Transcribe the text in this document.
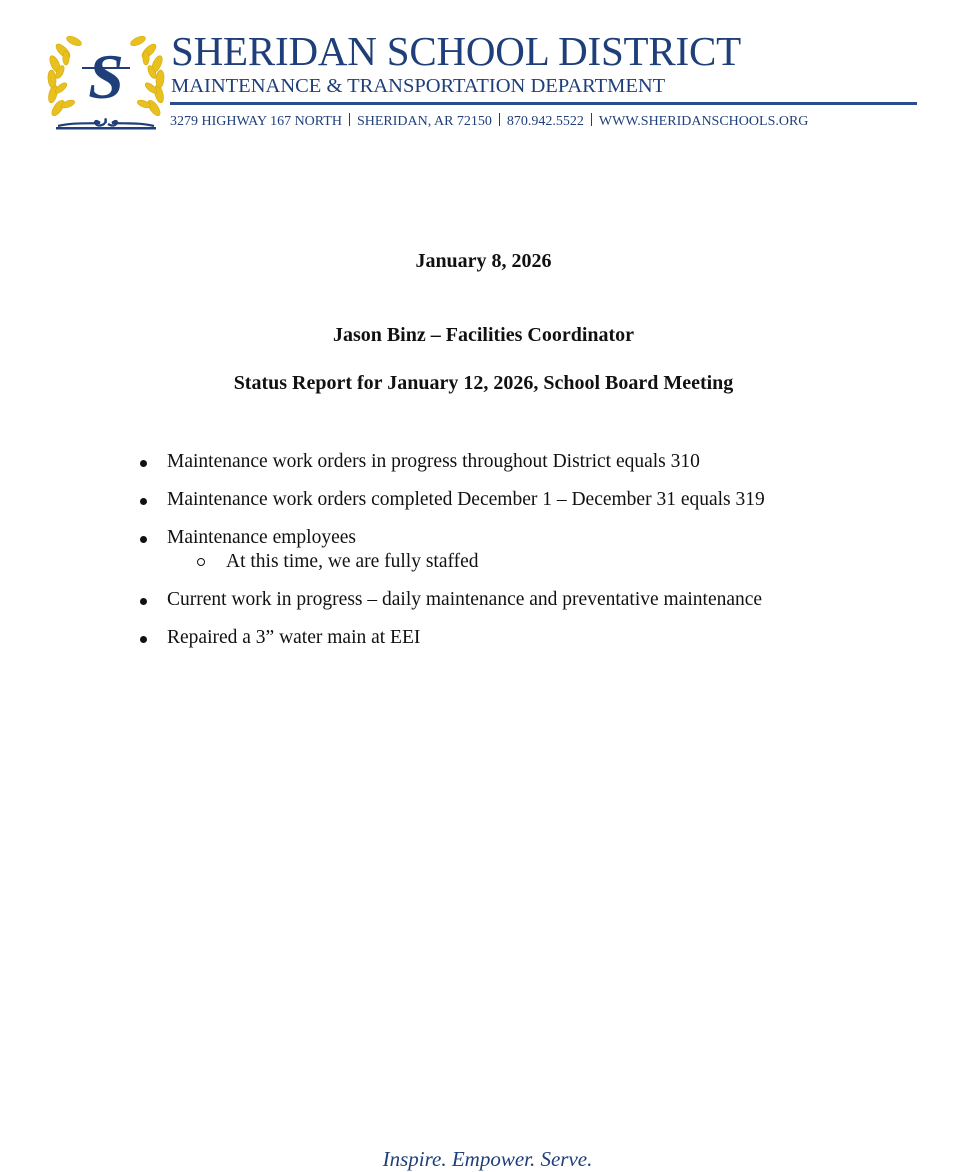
S SHERIDAN SCHOOL DISTRICT
MAINTENANCE & TRANSPORTATION DEPARTMENT
3279 HIGHWAY 167 NORTH SHERIDAN, AR 72150 870.942.5522 WWW.SHERIDANSCHOOLS.ORG
January 8, 2026
Jason Binz – Facilities Coordinator
Status Report for January 12, 2026, School Board Meeting
Maintenance work orders in progress throughout District equals 310
Maintenance work orders completed December 1 – December 31 equals 319
Maintenance employees
At this time, we are fully staffed
Current work in progress – daily maintenance and preventative maintenance
Repaired a 3” water main at EEI
Inspire. Empower. Serve.
